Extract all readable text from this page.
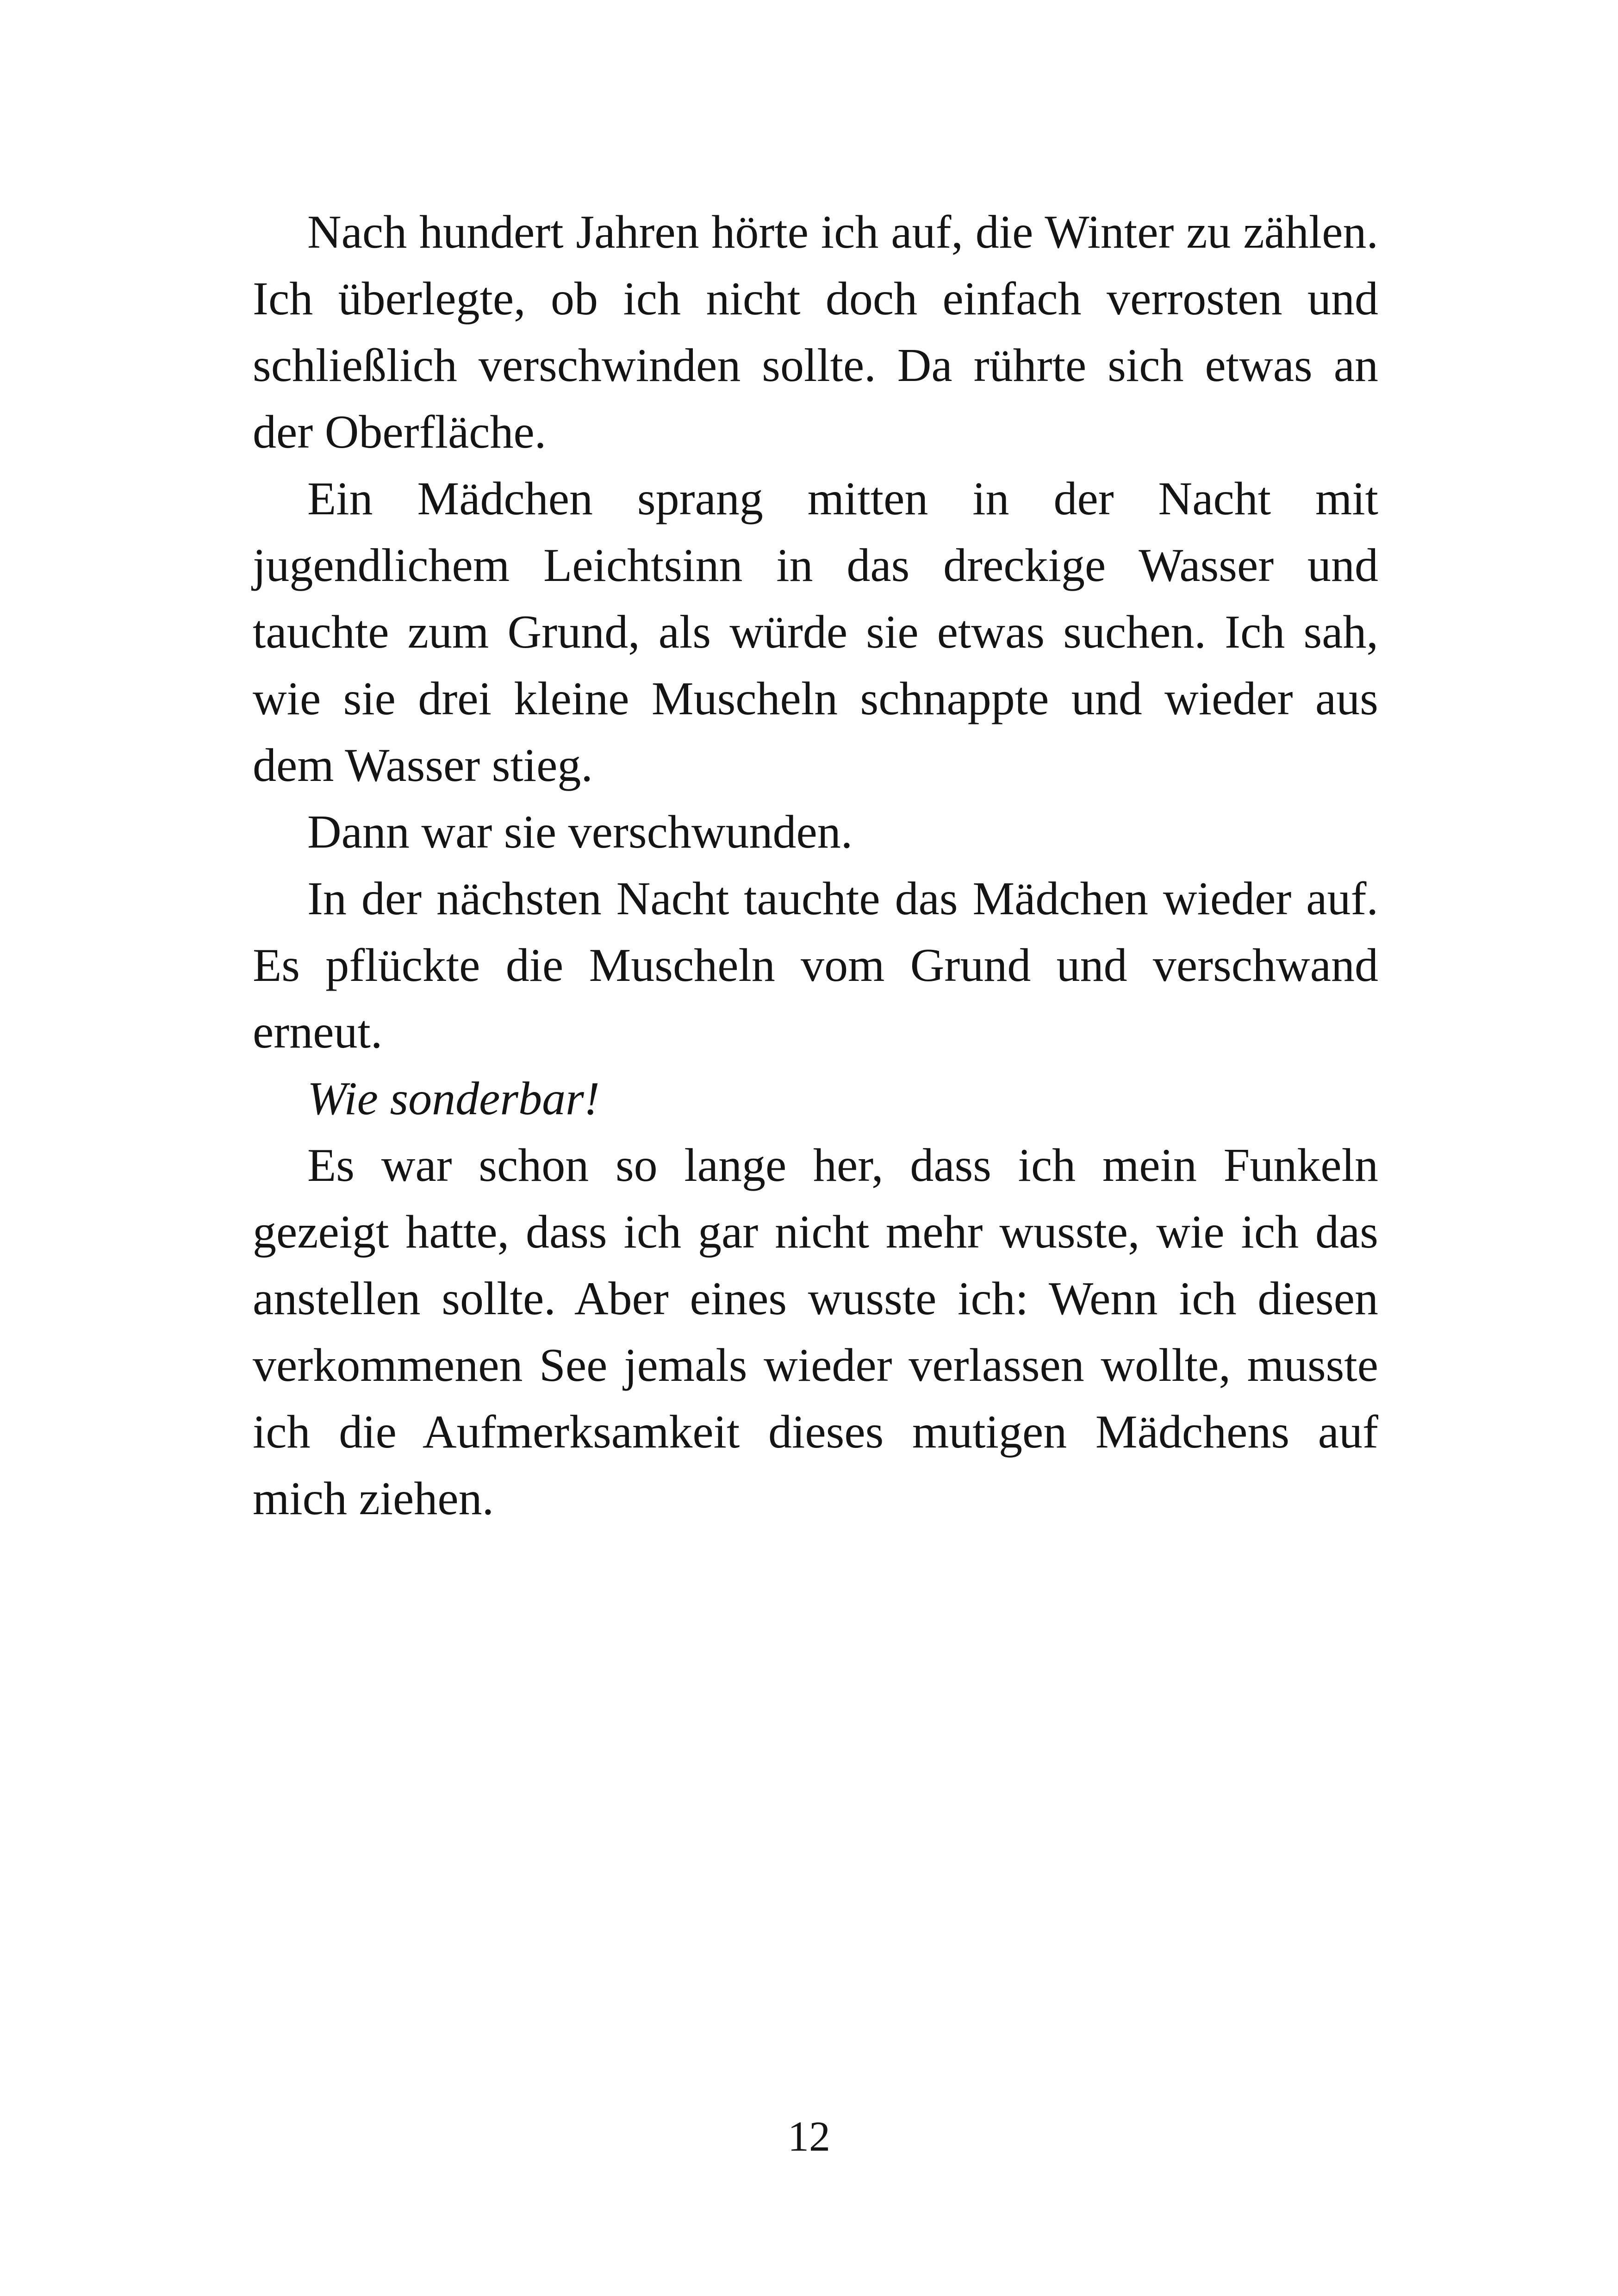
Nach hundert Jahren hörte ich auf, die Winter zu zählen. Ich überlegte, ob ich nicht doch einfach verrosten und schließlich verschwinden sollte. Da rührte sich etwas an der Oberfläche.

Ein Mädchen sprang mitten in der Nacht mit jugendlichem Leichtsinn in das dreckige Wasser und tauchte zum Grund, als würde sie etwas suchen. Ich sah, wie sie drei kleine Muscheln schnappte und wieder aus dem Wasser stieg.

Dann war sie verschwunden.

In der nächsten Nacht tauchte das Mädchen wieder auf. Es pflückte die Muscheln vom Grund und verschwand erneut.

Wie sonderbar!

Es war schon so lange her, dass ich mein Funkeln gezeigt hatte, dass ich gar nicht mehr wusste, wie ich das anstellen sollte. Aber eines wusste ich: Wenn ich diesen verkommenen See jemals wieder verlassen wollte, musste ich die Aufmerksamkeit dieses mutigen Mädchens auf mich ziehen.

12
